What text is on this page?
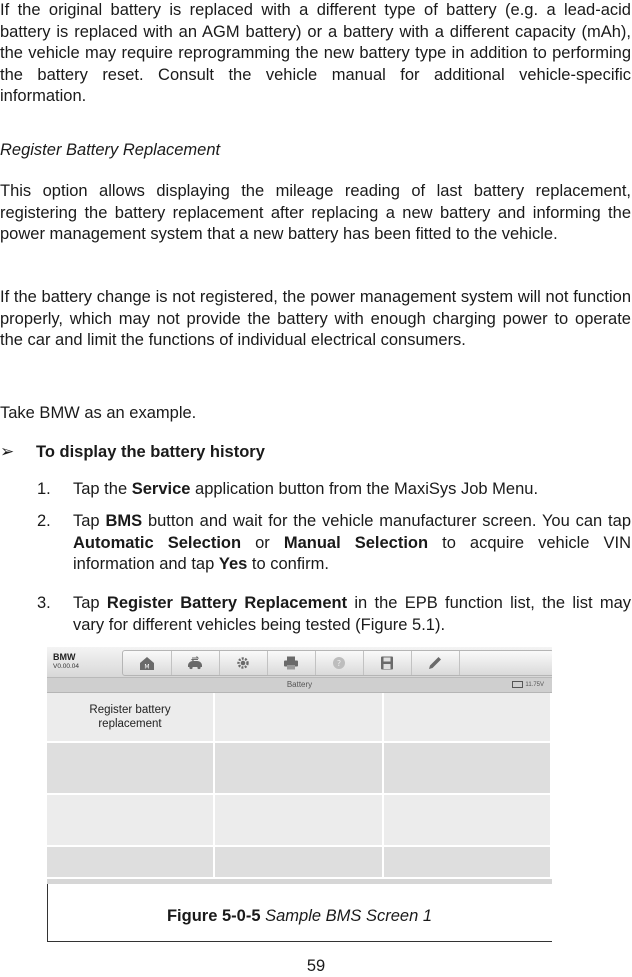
If the original battery is replaced with a different type of battery (e.g. a lead-acid battery is replaced with an AGM battery) or a battery with a different capacity (mAh), the vehicle may require reprogramming the new battery type in addition to performing the battery reset. Consult the vehicle manual for additional vehicle-specific information.

Register Battery Replacement

This option allows displaying the mileage reading of last battery replacement, registering the battery replacement after replacing a new battery and informing the power management system that a new battery has been fitted to the vehicle.

If the battery change is not registered, the power management system will not function properly, which may not provide the battery with enough charging power to operate the car and limit the functions of individual electrical consumers.

Take BMW as an example.

➢ To display the battery history
1. Tap the Service application button from the MaxiSys Job Menu.
2. Tap BMS button and wait for the vehicle manufacturer screen. You can tap Automatic Selection or Manual Selection to acquire vehicle VIN information and tap Yes to confirm.
3. Tap Register Battery Replacement in the EPB function list, the list may vary for different vehicles being tested (Figure 5.1).
BMW
V0.00.04	M	?
Battery	11.75V
Register battery replacement
Figure 5-0-5 Sample BMS Screen 1
59
